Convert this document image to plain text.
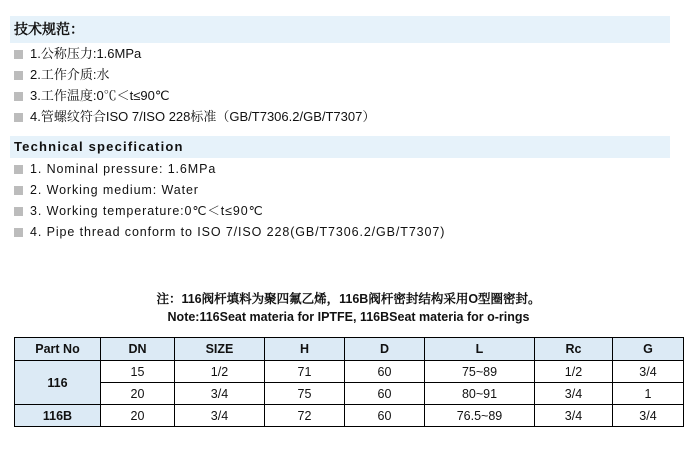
技术规范：
1.公称压力:1.6MPa
2.工作介质:水
3.工作温度:0℃＜t≤90℃
4.管螺纹符合ISO 7/ISO 228标准（GB/T7306.2/GB/T7307）
Technical specification
1. Nominal pressure: 1.6MPa
2. Working medium: Water
3. Working temperature:0℃＜t≤90℃
4. Pipe thread conform to ISO 7/ISO 228(GB/T7306.2/GB/T7307)
注：116阀杆填料为聚四氟乙烯，116B阀杆密封结构采用O型圈密封。
Note:116Seat materia for IPTFE, 116BSeat materia for o-rings
Part No	DN	SIZE	H	D	L	Rc	G
116	15	1/2	71	60	75~89	1/2	3/4
	20	3/4	75	60	80~91	3/4	1
116B	20	3/4	72	60	76.5~89	3/4	3/4
